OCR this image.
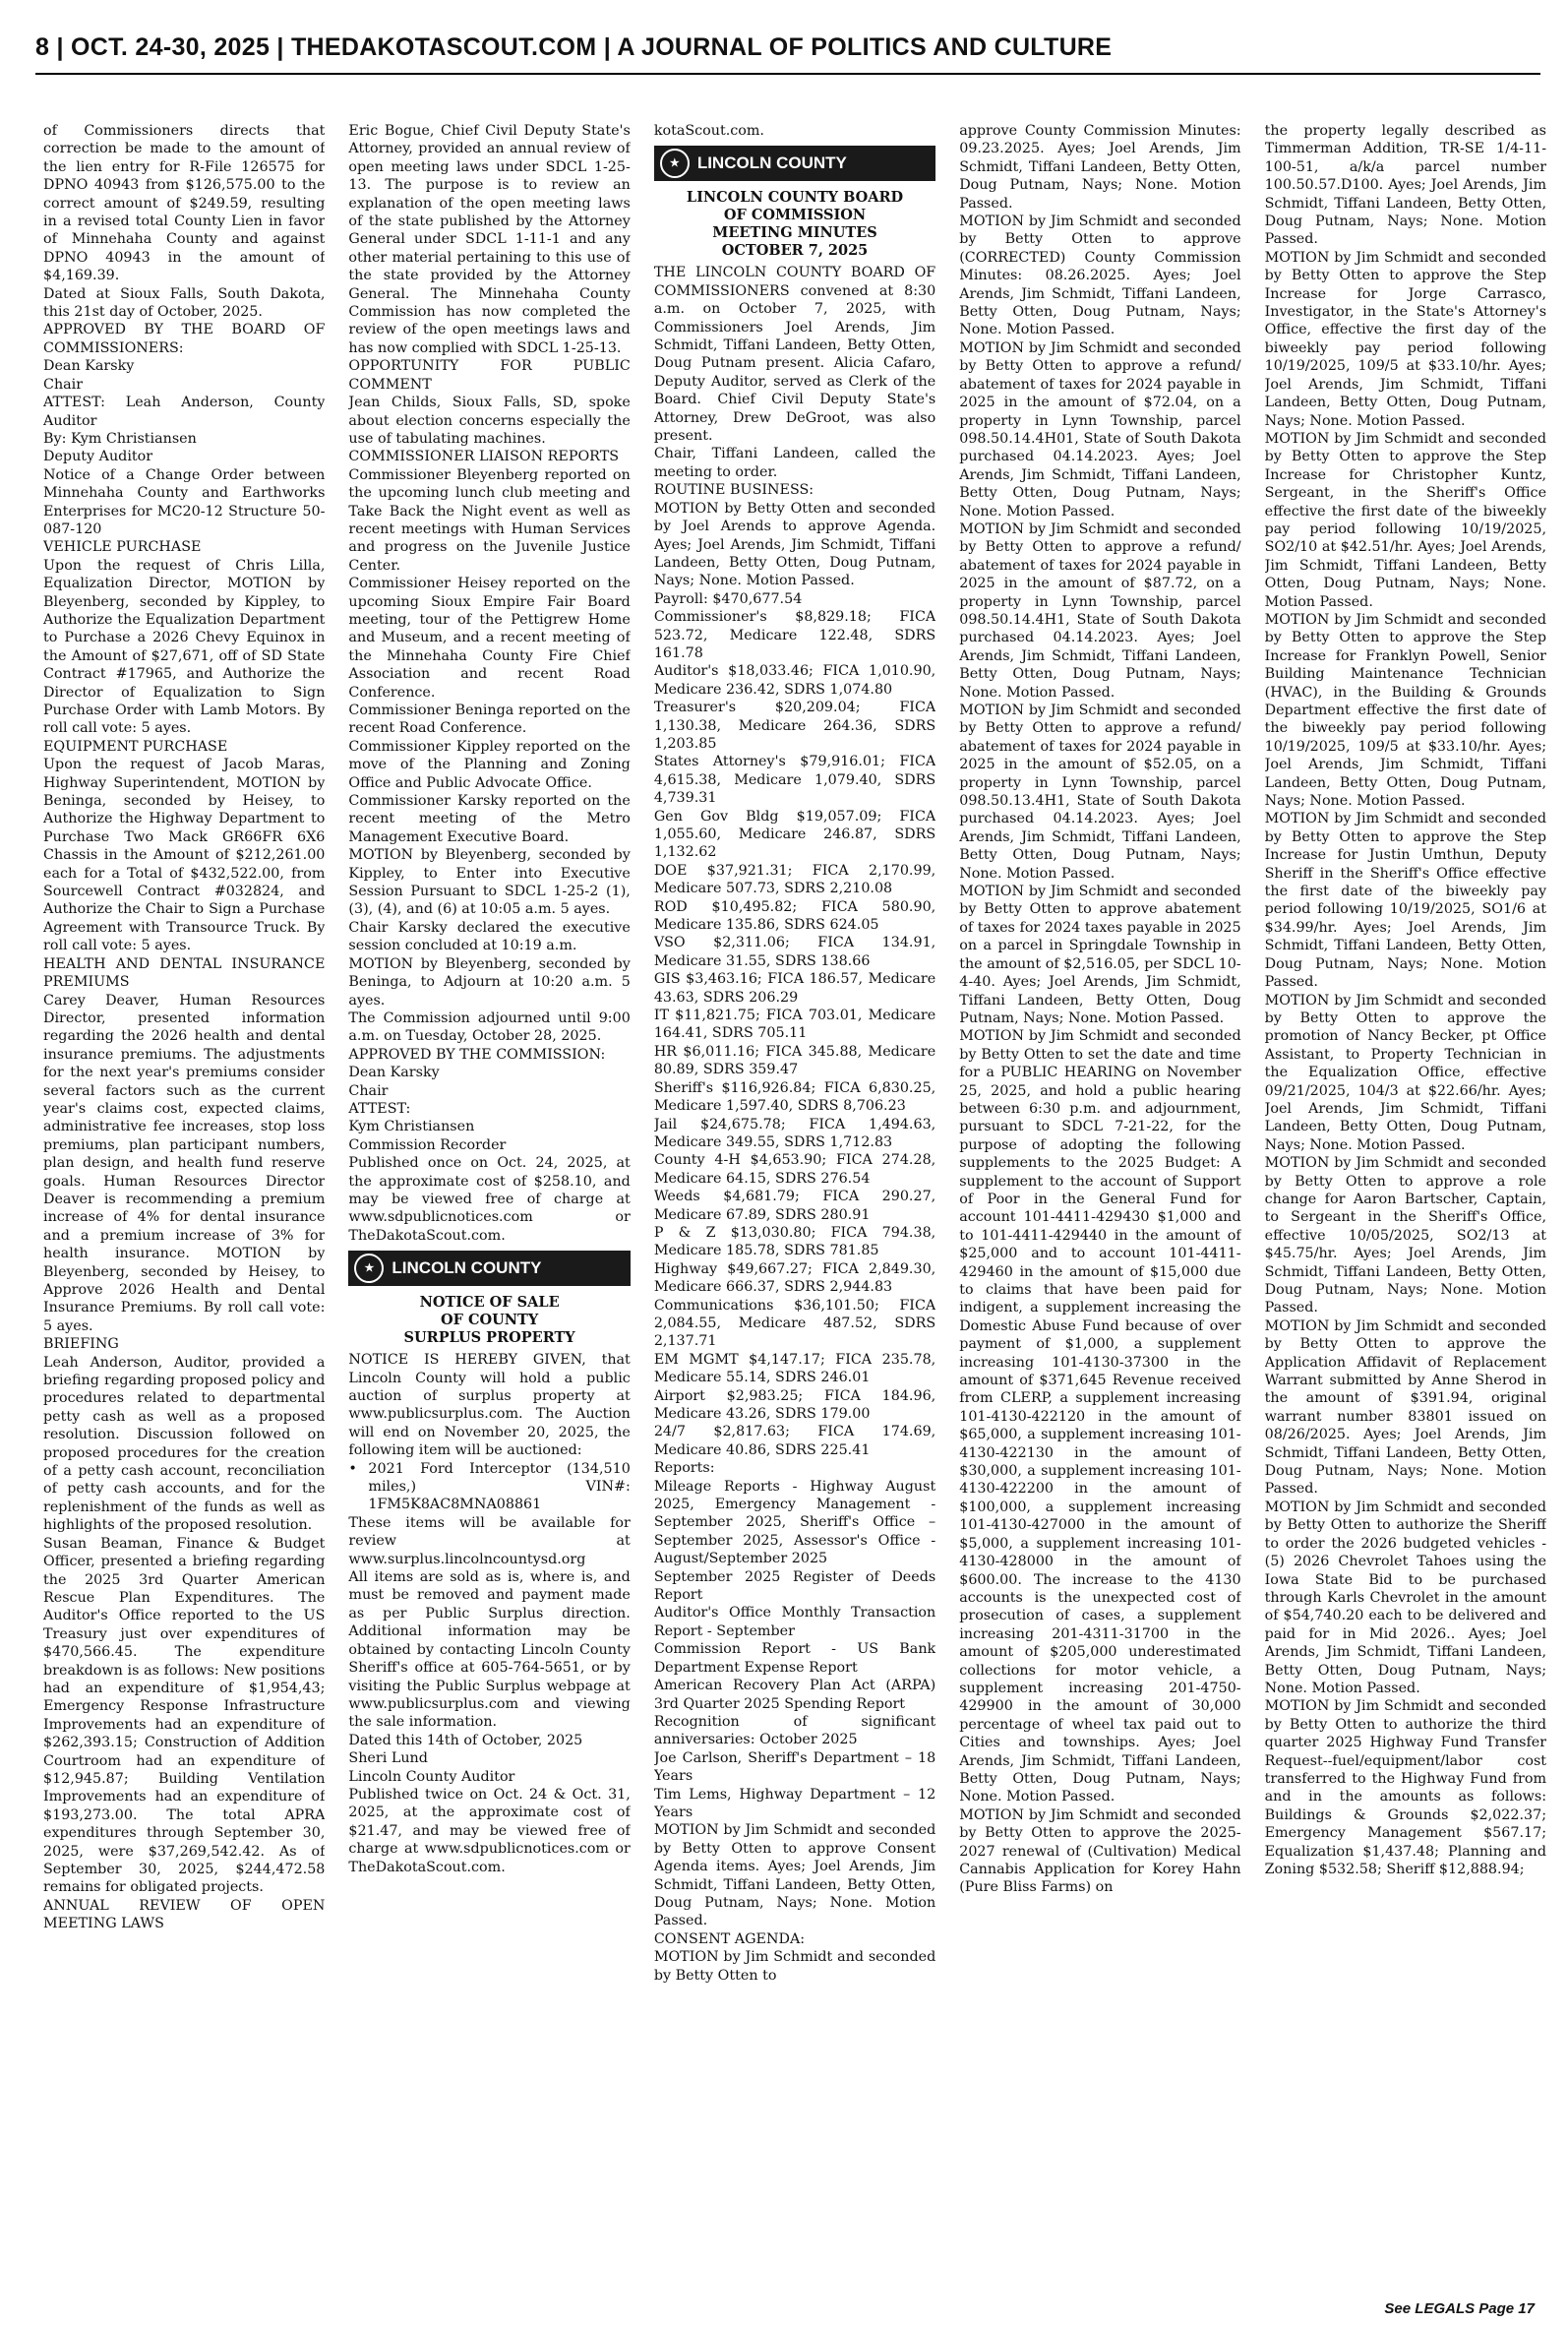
8 | OCT. 24-30, 2025 | THEDAKOTASCOUT.COM | A JOURNAL OF POLITICS AND CULTURE

of Commissioners directs that correction be made to the amount of the lien entry for R-File 126575 for DPNO 40943 from $126,575.00 to the correct amount of $249.59, resulting in a revised total County Lien in favor of Minnehaha County and against DPNO 40943 in the amount of $4,169.39.

Dated at Sioux Falls, South Dakota, this 21st day of October, 2025.

APPROVED BY THE BOARD OF COMMISSIONERS:

Dean Karsky

Chair

ATTEST: Leah Anderson, County Auditor

By: Kym Christiansen

Deputy Auditor

Notice of a Change Order between Minnehaha County and Earthworks Enterprises for MC20-12 Structure 50-087-120

VEHICLE PURCHASE

Upon the request of Chris Lilla, Equalization Director, MOTION by Bleyenberg, seconded by Kippley, to Authorize the Equalization Department to Purchase a 2026 Chevy Equinox in the Amount of $27,671, off of SD State Contract #17965, and Authorize the Director of Equalization to Sign Purchase Order with Lamb Motors. By roll call vote: 5 ayes.

EQUIPMENT PURCHASE

Upon the request of Jacob Maras, Highway Superintendent, MOTION by Beninga, seconded by Heisey, to Authorize the Highway Department to Purchase Two Mack GR66FR 6X6 Chassis in the Amount of $212,261.00 each for a Total of $432,522.00, from Sourcewell Contract #032824, and Authorize the Chair to Sign a Purchase Agreement with Transource Truck. By roll call vote: 5 ayes.

HEALTH AND DENTAL INSURANCE PREMIUMS

Carey Deaver, Human Resources Director, presented information regarding the 2026 health and dental insurance premiums. The adjustments for the next year's premiums consider several factors such as the current year's claims cost, expected claims, administrative fee increases, stop loss premiums, plan participant numbers, plan design, and health fund reserve goals. Human Resources Director Deaver is recommending a premium increase of 4% for dental insurance and a premium increase of 3% for health insurance. MOTION by Bleyenberg, seconded by Heisey, to Approve 2026 Health and Dental Insurance Premiums. By roll call vote: 5 ayes.

BRIEFING

Leah Anderson, Auditor, provided a briefing regarding proposed policy and procedures related to departmental petty cash as well as a proposed resolution. Discussion followed on proposed procedures for the creation of a petty cash account, reconciliation of petty cash accounts, and for the replenishment of the funds as well as highlights of the proposed resolution.

Susan Beaman, Finance & Budget Officer, presented a briefing regarding the 2025 3rd Quarter American Rescue Plan Expenditures. The Auditor's Office reported to the US Treasury just over expenditures of $470,566.45. The expenditure breakdown is as follows: New positions had an expenditure of $1,954,43; Emergency Response Infrastructure Improvements had an expenditure of $262,393.15; Construction of Addition Courtroom had an expenditure of $12,945.87; Building Ventilation Improvements had an expenditure of $193,273.00. The total APRA expenditures through September 30, 2025, were $37,269,542.42. As of September 30, 2025, $244,472.58 remains for obligated projects.

ANNUAL REVIEW OF OPEN MEETING LAWS

Eric Bogue, Chief Civil Deputy State's Attorney, provided an annual review of open meeting laws under SDCL 1-25-13. The purpose is to review an explanation of the open meeting laws of the state published by the Attorney General under SDCL 1-11-1 and any other material pertaining to this use of the state provided by the Attorney General. The Minnehaha County Commission has now completed the review of the open meetings laws and has now complied with SDCL 1-25-13.

OPPORTUNITY FOR PUBLIC COMMENT

Jean Childs, Sioux Falls, SD, spoke about election concerns especially the use of tabulating machines.

COMMISSIONER LIAISON REPORTS

Commissioner Bleyenberg reported on the upcoming lunch club meeting and Take Back the Night event as well as recent meetings with Human Services and progress on the Juvenile Justice Center.

Commissioner Heisey reported on the upcoming Sioux Empire Fair Board meeting, tour of the Pettigrew Home and Museum, and a recent meeting of the Minnehaha County Fire Chief Association and recent Road Conference.

Commissioner Beninga reported on the recent Road Conference.

Commissioner Kippley reported on the move of the Planning and Zoning Office and Public Advocate Office.

Commissioner Karsky reported on the recent meeting of the Metro Management Executive Board.

MOTION by Bleyenberg, seconded by Kippley, to Enter into Executive Session Pursuant to SDCL 1-25-2 (1), (3), (4), and (6) at 10:05 a.m. 5 ayes.

Chair Karsky declared the executive session concluded at 10:19 a.m.

MOTION by Bleyenberg, seconded by Beninga, to Adjourn at 10:20 a.m. 5 ayes.

The Commission adjourned until 9:00 a.m. on Tuesday, October 28, 2025.

APPROVED BY THE COMMISSION:

Dean Karsky

Chair

ATTEST:

Kym Christiansen

Commission Recorder

Published once on Oct. 24, 2025, at the approximate cost of $258.10, and may be viewed free of charge at www.sdpublicnotices.com or TheDakotaScout.com.

★	LINCOLN COUNTY
NOTICE OF SALE
OF COUNTY
SURPLUS PROPERTY

NOTICE IS HEREBY GIVEN, that Lincoln County will hold a public auction of surplus property at www.publicsurplus.com. The Auction will end on November 20, 2025, the following item will be auctioned:

• 2021 Ford Interceptor (134,510 miles,) VIN#: 1FM5K8AC8MNA08861

These items will be available for review at www.surplus.lincolncountysd.org

All items are sold as is, where is, and must be removed and payment made as per Public Surplus direction. Additional information may be obtained by contacting Lincoln County Sheriff's office at 605-764-5651, or by visiting the Public Surplus webpage at www.publicsurplus.com and viewing the sale information.

Dated this 14th of October, 2025

Sheri Lund

Lincoln County Auditor

Published twice on Oct. 24 & Oct. 31, 2025, at the approximate cost of $21.47, and may be viewed free of charge at www.sdpublicnotices.com or TheDakotaScout.com.

kotaScout.com.

★	LINCOLN COUNTY
LINCOLN COUNTY BOARD
OF COMMISSION
MEETING MINUTES
OCTOBER 7, 2025

THE LINCOLN COUNTY BOARD OF COMMISSIONERS convened at 8:30 a.m. on October 7, 2025, with Commissioners Joel Arends, Jim Schmidt, Tiffani Landeen, Betty Otten, Doug Putnam present. Alicia Cafaro, Deputy Auditor, served as Clerk of the Board. Chief Civil Deputy State's Attorney, Drew DeGroot, was also present.

Chair, Tiffani Landeen, called the meeting to order.

ROUTINE BUSINESS:

MOTION by Betty Otten and seconded by Joel Arends to approve Agenda. Ayes; Joel Arends, Jim Schmidt, Tiffani Landeen, Betty Otten, Doug Putnam, Nays; None. Motion Passed.

Payroll: $470,677.54

Commissioner's $8,829.18; FICA 523.72, Medicare 122.48, SDRS 161.78

Auditor's $18,033.46; FICA 1,010.90, Medicare 236.42, SDRS 1,074.80

Treasurer's $20,209.04; FICA 1,130.38, Medicare 264.36, SDRS 1,203.85

States Attorney's $79,916.01; FICA 4,615.38, Medicare 1,079.40, SDRS 4,739.31

Gen Gov Bldg $19,057.09; FICA 1,055.60, Medicare 246.87, SDRS 1,132.62

DOE $37,921.31; FICA 2,170.99, Medicare 507.73, SDRS 2,210.08

ROD $10,495.82; FICA 580.90, Medicare 135.86, SDRS 624.05

VSO $2,311.06; FICA 134.91, Medicare 31.55, SDRS 138.66

GIS $3,463.16; FICA 186.57, Medicare 43.63, SDRS 206.29

IT $11,821.75; FICA 703.01, Medicare 164.41, SDRS 705.11

HR $6,011.16; FICA 345.88, Medicare 80.89, SDRS 359.47

Sheriff's $116,926.84; FICA 6,830.25, Medicare 1,597.40, SDRS 8,706.23

Jail $24,675.78; FICA 1,494.63, Medicare 349.55, SDRS 1,712.83

County 4-H $4,653.90; FICA 274.28, Medicare 64.15, SDRS 276.54

Weeds $4,681.79; FICA 290.27, Medicare 67.89, SDRS 280.91

P & Z $13,030.80; FICA 794.38, Medicare 185.78, SDRS 781.85

Highway $49,667.27; FICA 2,849.30, Medicare 666.37, SDRS 2,944.83

Communications $36,101.50; FICA 2,084.55, Medicare 487.52, SDRS 2,137.71

EM MGMT $4,147.17; FICA 235.78, Medicare 55.14, SDRS 246.01

Airport $2,983.25; FICA 184.96, Medicare 43.26, SDRS 179.00

24/7 $2,817.63; FICA 174.69, Medicare 40.86, SDRS 225.41

Reports:

Mileage Reports - Highway August 2025, Emergency Management - September 2025, Sheriff's Office – September 2025, Assessor's Office - August/September 2025

September 2025 Register of Deeds Report

Auditor's Office Monthly Transaction Report - September

Commission Report - US Bank Department Expense Report

American Recovery Plan Act (ARPA) 3rd Quarter 2025 Spending Report

Recognition of significant anniversaries: October 2025

Joe Carlson, Sheriff's Department – 18 Years

Tim Lems, Highway Department – 12 Years

MOTION by Jim Schmidt and seconded by Betty Otten to approve Consent Agenda items. Ayes; Joel Arends, Jim Schmidt, Tiffani Landeen, Betty Otten, Doug Putnam, Nays; None. Motion Passed.

CONSENT AGENDA:

MOTION by Jim Schmidt and seconded by Betty Otten to

approve County Commission Minutes: 09.23.2025. Ayes; Joel Arends, Jim Schmidt, Tiffani Landeen, Betty Otten, Doug Putnam, Nays; None. Motion Passed.

MOTION by Jim Schmidt and seconded by Betty Otten to approve (CORRECTED) County Commission Minutes: 08.26.2025. Ayes; Joel Arends, Jim Schmidt, Tiffani Landeen, Betty Otten, Doug Putnam, Nays; None. Motion Passed.

MOTION by Jim Schmidt and seconded by Betty Otten to approve a refund/ abatement of taxes for 2024 payable in 2025 in the amount of $72.04, on a property in Lynn Township, parcel 098.50.14.4H01, State of South Dakota purchased 04.14.2023. Ayes; Joel Arends, Jim Schmidt, Tiffani Landeen, Betty Otten, Doug Putnam, Nays; None. Motion Passed.

MOTION by Jim Schmidt and seconded by Betty Otten to approve a refund/ abatement of taxes for 2024 payable in 2025 in the amount of $87.72, on a property in Lynn Township, parcel 098.50.14.4H1, State of South Dakota purchased 04.14.2023. Ayes; Joel Arends, Jim Schmidt, Tiffani Landeen, Betty Otten, Doug Putnam, Nays; None. Motion Passed.

MOTION by Jim Schmidt and seconded by Betty Otten to approve a refund/ abatement of taxes for 2024 payable in 2025 in the amount of $52.05, on a property in Lynn Township, parcel 098.50.13.4H1, State of South Dakota purchased 04.14.2023. Ayes; Joel Arends, Jim Schmidt, Tiffani Landeen, Betty Otten, Doug Putnam, Nays; None. Motion Passed.

MOTION by Jim Schmidt and seconded by Betty Otten to approve abatement of taxes for 2024 taxes payable in 2025 on a parcel in Springdale Township in the amount of $2,516.05, per SDCL 10-4-40. Ayes; Joel Arends, Jim Schmidt, Tiffani Landeen, Betty Otten, Doug Putnam, Nays; None. Motion Passed.

MOTION by Jim Schmidt and seconded by Betty Otten to set the date and time for a PUBLIC HEARING on November 25, 2025, and hold a public hearing between 6:30 p.m. and adjournment, pursuant to SDCL 7-21-22, for the purpose of adopting the following supplements to the 2025 Budget: A supplement to the account of Support of Poor in the General Fund for account 101-4411-429430 $1,000 and to 101-4411-429440 in the amount of $25,000 and to account 101-4411-429460 in the amount of $15,000 due to claims that have been paid for indigent, a supplement increasing the Domestic Abuse Fund because of over payment of $1,000, a supplement increasing 101-4130-37300 in the amount of $371,645 Revenue received from CLERP, a supplement increasing 101-4130-422120 in the amount of $65,000, a supplement increasing 101-4130-422130 in the amount of $30,000, a supplement increasing 101-4130-422200 in the amount of $100,000, a supplement increasing 101-4130-427000 in the amount of $5,000, a supplement increasing 101-4130-428000 in the amount of $600.00. The increase to the 4130 accounts is the unexpected cost of prosecution of cases, a supplement increasing 201-4311-31700 in the amount of $205,000 underestimated collections for motor vehicle, a supplement increasing 201-4750-429900 in the amount of 30,000 percentage of wheel tax paid out to Cities and townships. Ayes; Joel Arends, Jim Schmidt, Tiffani Landeen, Betty Otten, Doug Putnam, Nays; None. Motion Passed.

MOTION by Jim Schmidt and seconded by Betty Otten to approve the 2025-2027 renewal of (Cultivation) Medical Cannabis Application for Korey Hahn (Pure Bliss Farms) on

the property legally described as Timmerman Addition, TR-SE 1/4-11-100-51, a/k/a parcel number 100.50.57.D100. Ayes; Joel Arends, Jim Schmidt, Tiffani Landeen, Betty Otten, Doug Putnam, Nays; None. Motion Passed.

MOTION by Jim Schmidt and seconded by Betty Otten to approve the Step Increase for Jorge Carrasco, Investigator, in the State's Attorney's Office, effective the first day of the biweekly pay period following 10/19/2025, 109/5 at $33.10/hr. Ayes; Joel Arends, Jim Schmidt, Tiffani Landeen, Betty Otten, Doug Putnam, Nays; None. Motion Passed.

MOTION by Jim Schmidt and seconded by Betty Otten to approve the Step Increase for Christopher Kuntz, Sergeant, in the Sheriff's Office effective the first date of the biweekly pay period following 10/19/2025, SO2/10 at $42.51/hr. Ayes; Joel Arends, Jim Schmidt, Tiffani Landeen, Betty Otten, Doug Putnam, Nays; None. Motion Passed.

MOTION by Jim Schmidt and seconded by Betty Otten to approve the Step Increase for Franklyn Powell, Senior Building Maintenance Technician (HVAC), in the Building & Grounds Department effective the first date of the biweekly pay period following 10/19/2025, 109/5 at $33.10/hr. Ayes; Joel Arends, Jim Schmidt, Tiffani Landeen, Betty Otten, Doug Putnam, Nays; None. Motion Passed.

MOTION by Jim Schmidt and seconded by Betty Otten to approve the Step Increase for Justin Umthun, Deputy Sheriff in the Sheriff's Office effective the first date of the biweekly pay period following 10/19/2025, SO1/6 at $34.99/hr. Ayes; Joel Arends, Jim Schmidt, Tiffani Landeen, Betty Otten, Doug Putnam, Nays; None. Motion Passed.

MOTION by Jim Schmidt and seconded by Betty Otten to approve the promotion of Nancy Becker, pt Office Assistant, to Property Technician in the Equalization Office, effective 09/21/2025, 104/3 at $22.66/hr. Ayes; Joel Arends, Jim Schmidt, Tiffani Landeen, Betty Otten, Doug Putnam, Nays; None. Motion Passed.

MOTION by Jim Schmidt and seconded by Betty Otten to approve a role change for Aaron Bartscher, Captain, to Sergeant in the Sheriff's Office, effective 10/05/2025, SO2/13 at $45.75/hr. Ayes; Joel Arends, Jim Schmidt, Tiffani Landeen, Betty Otten, Doug Putnam, Nays; None. Motion Passed.

MOTION by Jim Schmidt and seconded by Betty Otten to approve the Application Affidavit of Replacement Warrant submitted by Anne Sherod in the amount of $391.94, original warrant number 83801 issued on 08/26/2025. Ayes; Joel Arends, Jim Schmidt, Tiffani Landeen, Betty Otten, Doug Putnam, Nays; None. Motion Passed.

MOTION by Jim Schmidt and seconded by Betty Otten to authorize the Sheriff to order the 2026 budgeted vehicles -(5) 2026 Chevrolet Tahoes using the Iowa State Bid to be purchased through Karls Chevrolet in the amount of $54,740.20 each to be delivered and paid for in Mid 2026.. Ayes; Joel Arends, Jim Schmidt, Tiffani Landeen, Betty Otten, Doug Putnam, Nays; None. Motion Passed.

MOTION by Jim Schmidt and seconded by Betty Otten to authorize the third quarter 2025 Highway Fund Transfer Request--fuel/equipment/labor cost transferred to the Highway Fund from and in the amounts as follows: Buildings & Grounds $2,022.37; Emergency Management $567.17; Equalization $1,437.48; Planning and Zoning $532.58; Sheriff $12,888.94;

See LEGALS Page 17
